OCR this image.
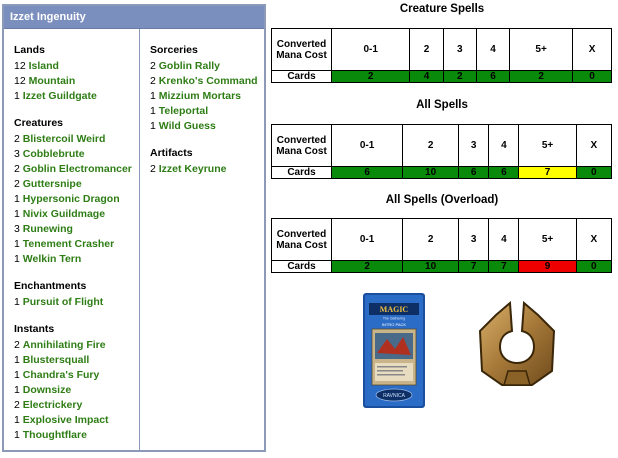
Izzet Ingenuity
Lands
12 Island
12 Mountain
1 Izzet Guildgate
Creatures
2 Blistercoil Weird
3 Cobblebrute
2 Goblin Electromancer
2 Guttersnipe
1 Hypersonic Dragon
1 Nivix Guildmage
3 Runewing
1 Tenement Crasher
1 Welkin Tern
Enchantments
1 Pursuit of Flight
Instants
2 Annihilating Fire
1 Blustersquall
1 Chandra's Fury
1 Downsize
2 Electrickery
1 Explosive Impact
1 Thoughtflare
Sorceries
2 Goblin Rally
2 Krenko's Command
1 Mizzium Mortars
1 Teleportal
1 Wild Guess
Artifacts
2 Izzet Keyrune
Creature Spells
Converted Mana Cost	0-1	2	3	4	5+	X
Cards	2	4	2	6	2	0
All Spells
Converted Mana Cost	0-1	2	3	4	5+	X
Cards	6	10	6	6	7	0
All Spells (Overload)
Converted Mana Cost	0-1	2	3	4	5+	X
Cards	2	10	7	7	9	0
MAGIC
The Gathering
INTRO PACK
RAVNICA
